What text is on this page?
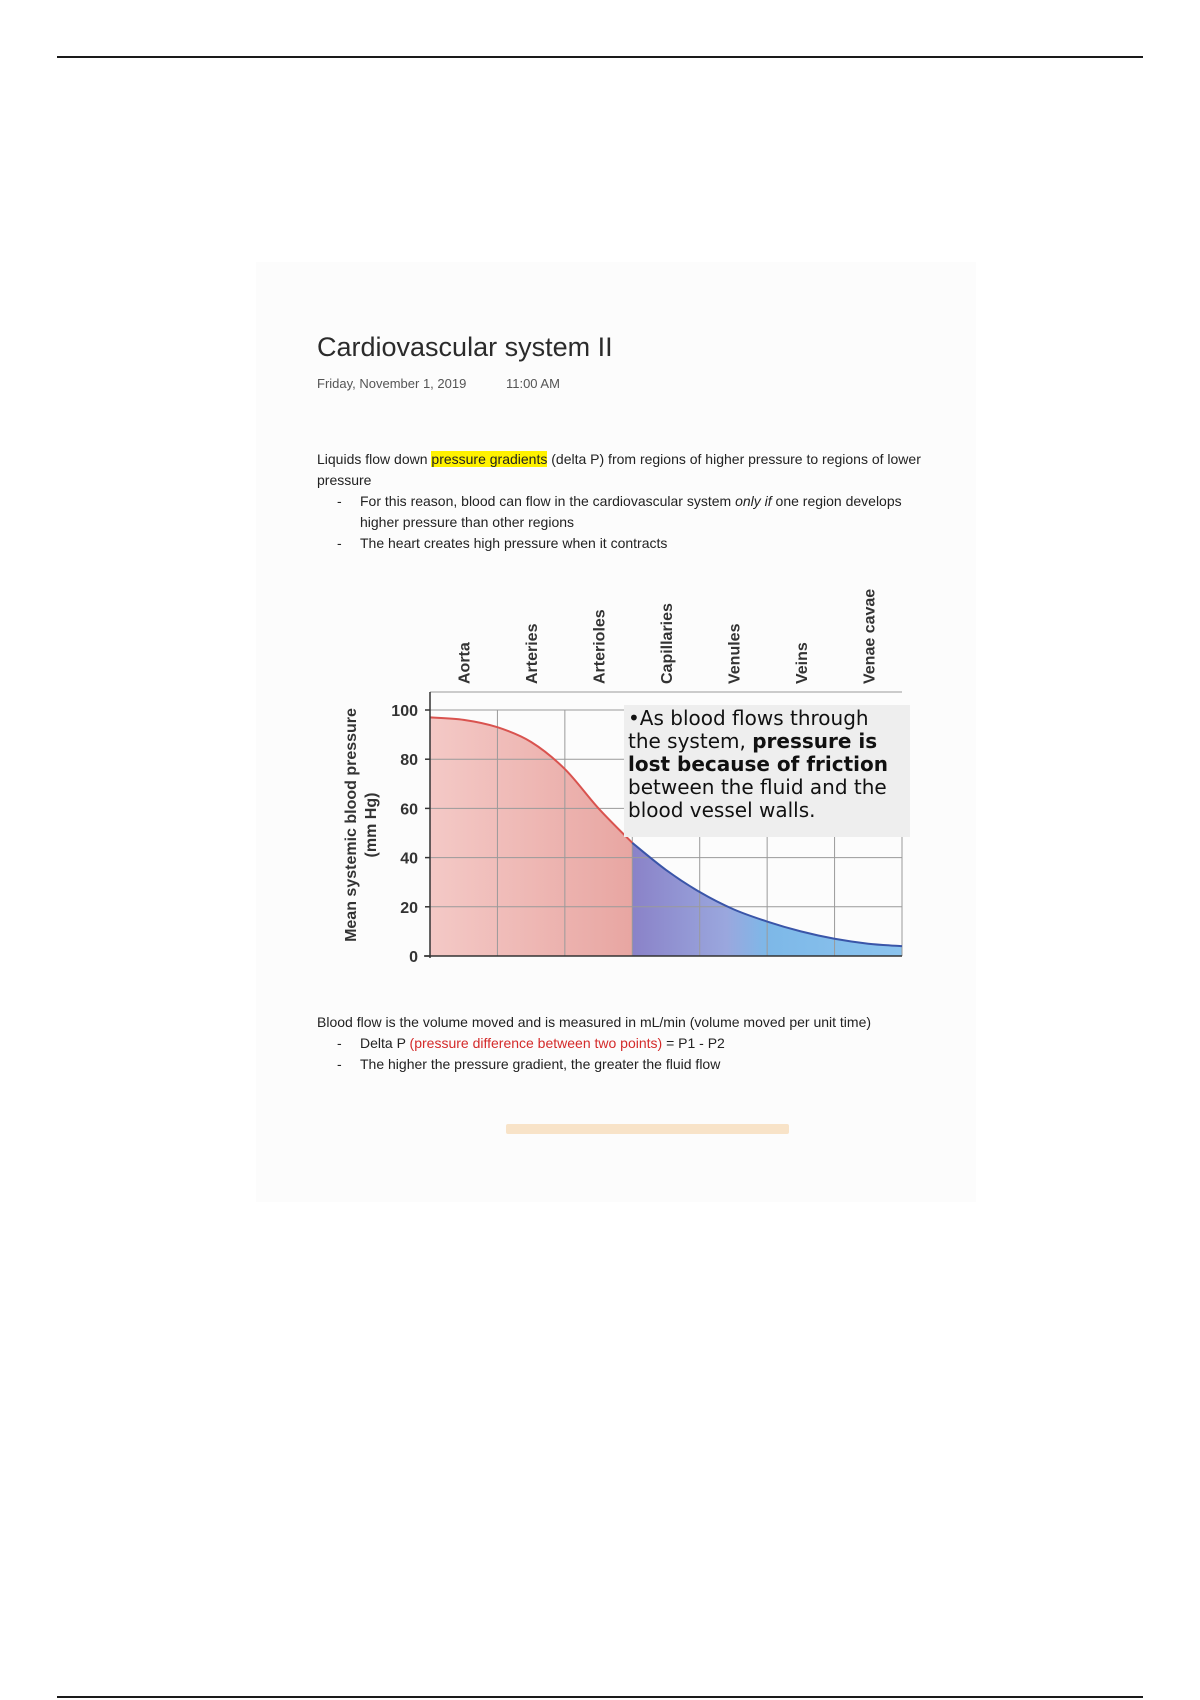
Cardiovascular system II
Friday, November 1, 2019	11:00 AM

Liquids flow down pressure gradients (delta P) from regions of higher pressure to regions of lower pressure

- For this reason, blood can flow in the cardiovascular system only if one region develops higher pressure than other regions
- The heart creates high pressure when it contracts
0
20
40
60
80
100
Aorta	Arteries	Arterioles	Capillaries	Venules	Veins	Venae cavae
Mean systemic blood pressure (mm Hg)
•As blood flows through the system, pressure is lost because of friction between the fluid and the blood vessel walls.

Blood flow is the volume moved and is measured in mL/min (volume moved per unit time)

- Delta P (pressure difference between two points) = P1 - P2
- The higher the pressure gradient, the greater the fluid flow
